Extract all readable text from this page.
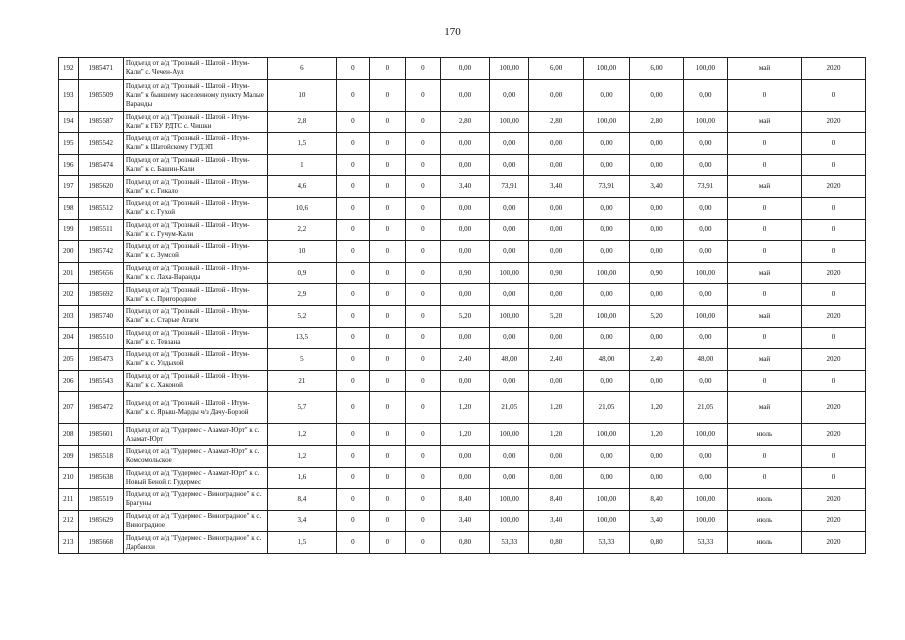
170
192	1985471	Подъезд от а/д "Грозный - Шатой - Итум-Кали" с. Чечен-Аул	6	0	0	0	0,00	100,00	6,00	100,00	6,00	100,00	май	2020
193	1985509	Подъезд от а/д "Грозный - Шатой - Итум-Кали" к бывшему населенному пункту Малые Варанды	10	0	0	0	0,00	0,00	0,00	0,00	0,00	0,00	0	0
194	1985587	Подъезд от а/д "Грозный - Шатой - Итум-Кали" к ГБУ РДТС с. Чишки	2,8	0	0	0	2,80	100,00	2,80	100,00	2,80	100,00	май	2020
195	1985542	Подъезд от а/д "Грозный - Шатой - Итум-Кали" к Шатойскому ГУДЭП	1,5	0	0	0	0,00	0,00	0,00	0,00	0,00	0,00	0	0
196	1985474	Подъезд от а/д "Грозный - Шатой - Итум-Кали" к с. Башин-Кали	1	0	0	0	0,00	0,00	0,00	0,00	0,00	0,00	0	0
197	1985620	Подъезд от а/д "Грозный - Шатой - Итум-Кали" к с. Гикало	4,6	0	0	0	3,40	73,91	3,40	73,91	3,40	73,91	май	2020
198	1985512	Подъезд от а/д "Грозный - Шатой - Итум-Кали" к с. Гухой	10,6	0	0	0	0,00	0,00	0,00	0,00	0,00	0,00	0	0
199	1985511	Подъезд от а/д "Грозный - Шатой - Итум-Кали" к с. Гучум-Кали	2,2	0	0	0	0,00	0,00	0,00	0,00	0,00	0,00	0	0
200	1985742	Подъезд от а/д "Грозный - Шатой - Итум-Кали" к с. Зумсой	10	0	0	0	0,00	0,00	0,00	0,00	0,00	0,00	0	0
201	1985656	Подъезд от а/д "Грозный - Шатой - Итум-Кали" к с. Лаха-Варанды	0,9	0	0	0	0,90	100,00	0,90	100,00	0,90	100,00	май	2020
202	1985692	Подъезд от а/д "Грозный - Шатой - Итум-Кали" к с. Пригородное	2,9	0	0	0	0,00	0,00	0,00	0,00	0,00	0,00	0	0
203	1985740	Подъезд от а/д "Грозный - Шатой - Итум-Кали" к с. Старые Атаги	5,2	0	0	0	5,20	100,00	5,20	100,00	5,20	100,00	май	2020
204	1985510	Подъезд от а/д "Грозный - Шатой - Итум-Кали" к с. Тевзана	13,5	0	0	0	0,00	0,00	0,00	0,00	0,00	0,00	0	0
205	1985473	Подъезд от а/д "Грозный - Шатой - Итум-Кали" к с. Улдыхой	5	0	0	0	2,40	48,00	2,40	48,00	2,40	48,00	май	2020
206	1985543	Подъезд от а/д "Грозный - Шатой - Итум-Кали" к с. Хаконой	21	0	0	0	0,00	0,00	0,00	0,00	0,00	0,00	0	0
207	1985472	Подъезд от а/д "Грозный - Шатой - Итум-Кали" к с. Ярыш-Марды ч/з Дачу-Борзой	5,7	0	0	0	1,20	21,05	1,20	21,05	1,20	21,05	май	2020
208	1985601	Подъезд от а/д "Гудермес - Азамат-Юрт" к с. Азамат-Юрт	1,2	0	0	0	1,20	100,00	1,20	100,00	1,20	100,00	июль	2020
209	1985518	Подъезд от а/д "Гудермес - Азамат-Юрт" к с. Комсомольское	1,2	0	0	0	0,00	0,00	0,00	0,00	0,00	0,00	0	0
210	1985638	Подъезд от а/д "Гудермес - Азамат-Юрт" к с. Новый Беной г. Гудермес	1,6	0	0	0	0,00	0,00	0,00	0,00	0,00	0,00	0	0
211	1985519	Подъезд от а/д "Гудермес - Виноградное" к с. Брагуны	8,4	0	0	0	8,40	100,00	8,40	100,00	8,40	100,00	июль	2020
212	1985629	Подъезд от а/д "Гудермес - Виноградное" к с. Виноградное	3,4	0	0	0	3,40	100,00	3,40	100,00	3,40	100,00	июль	2020
213	1985668	Подъезд от а/д "Гудермес - Виноградное" к с. Дарбанхи	1,5	0	0	0	0,80	53,33	0,80	53,33	0,80	53,33	июль	2020
